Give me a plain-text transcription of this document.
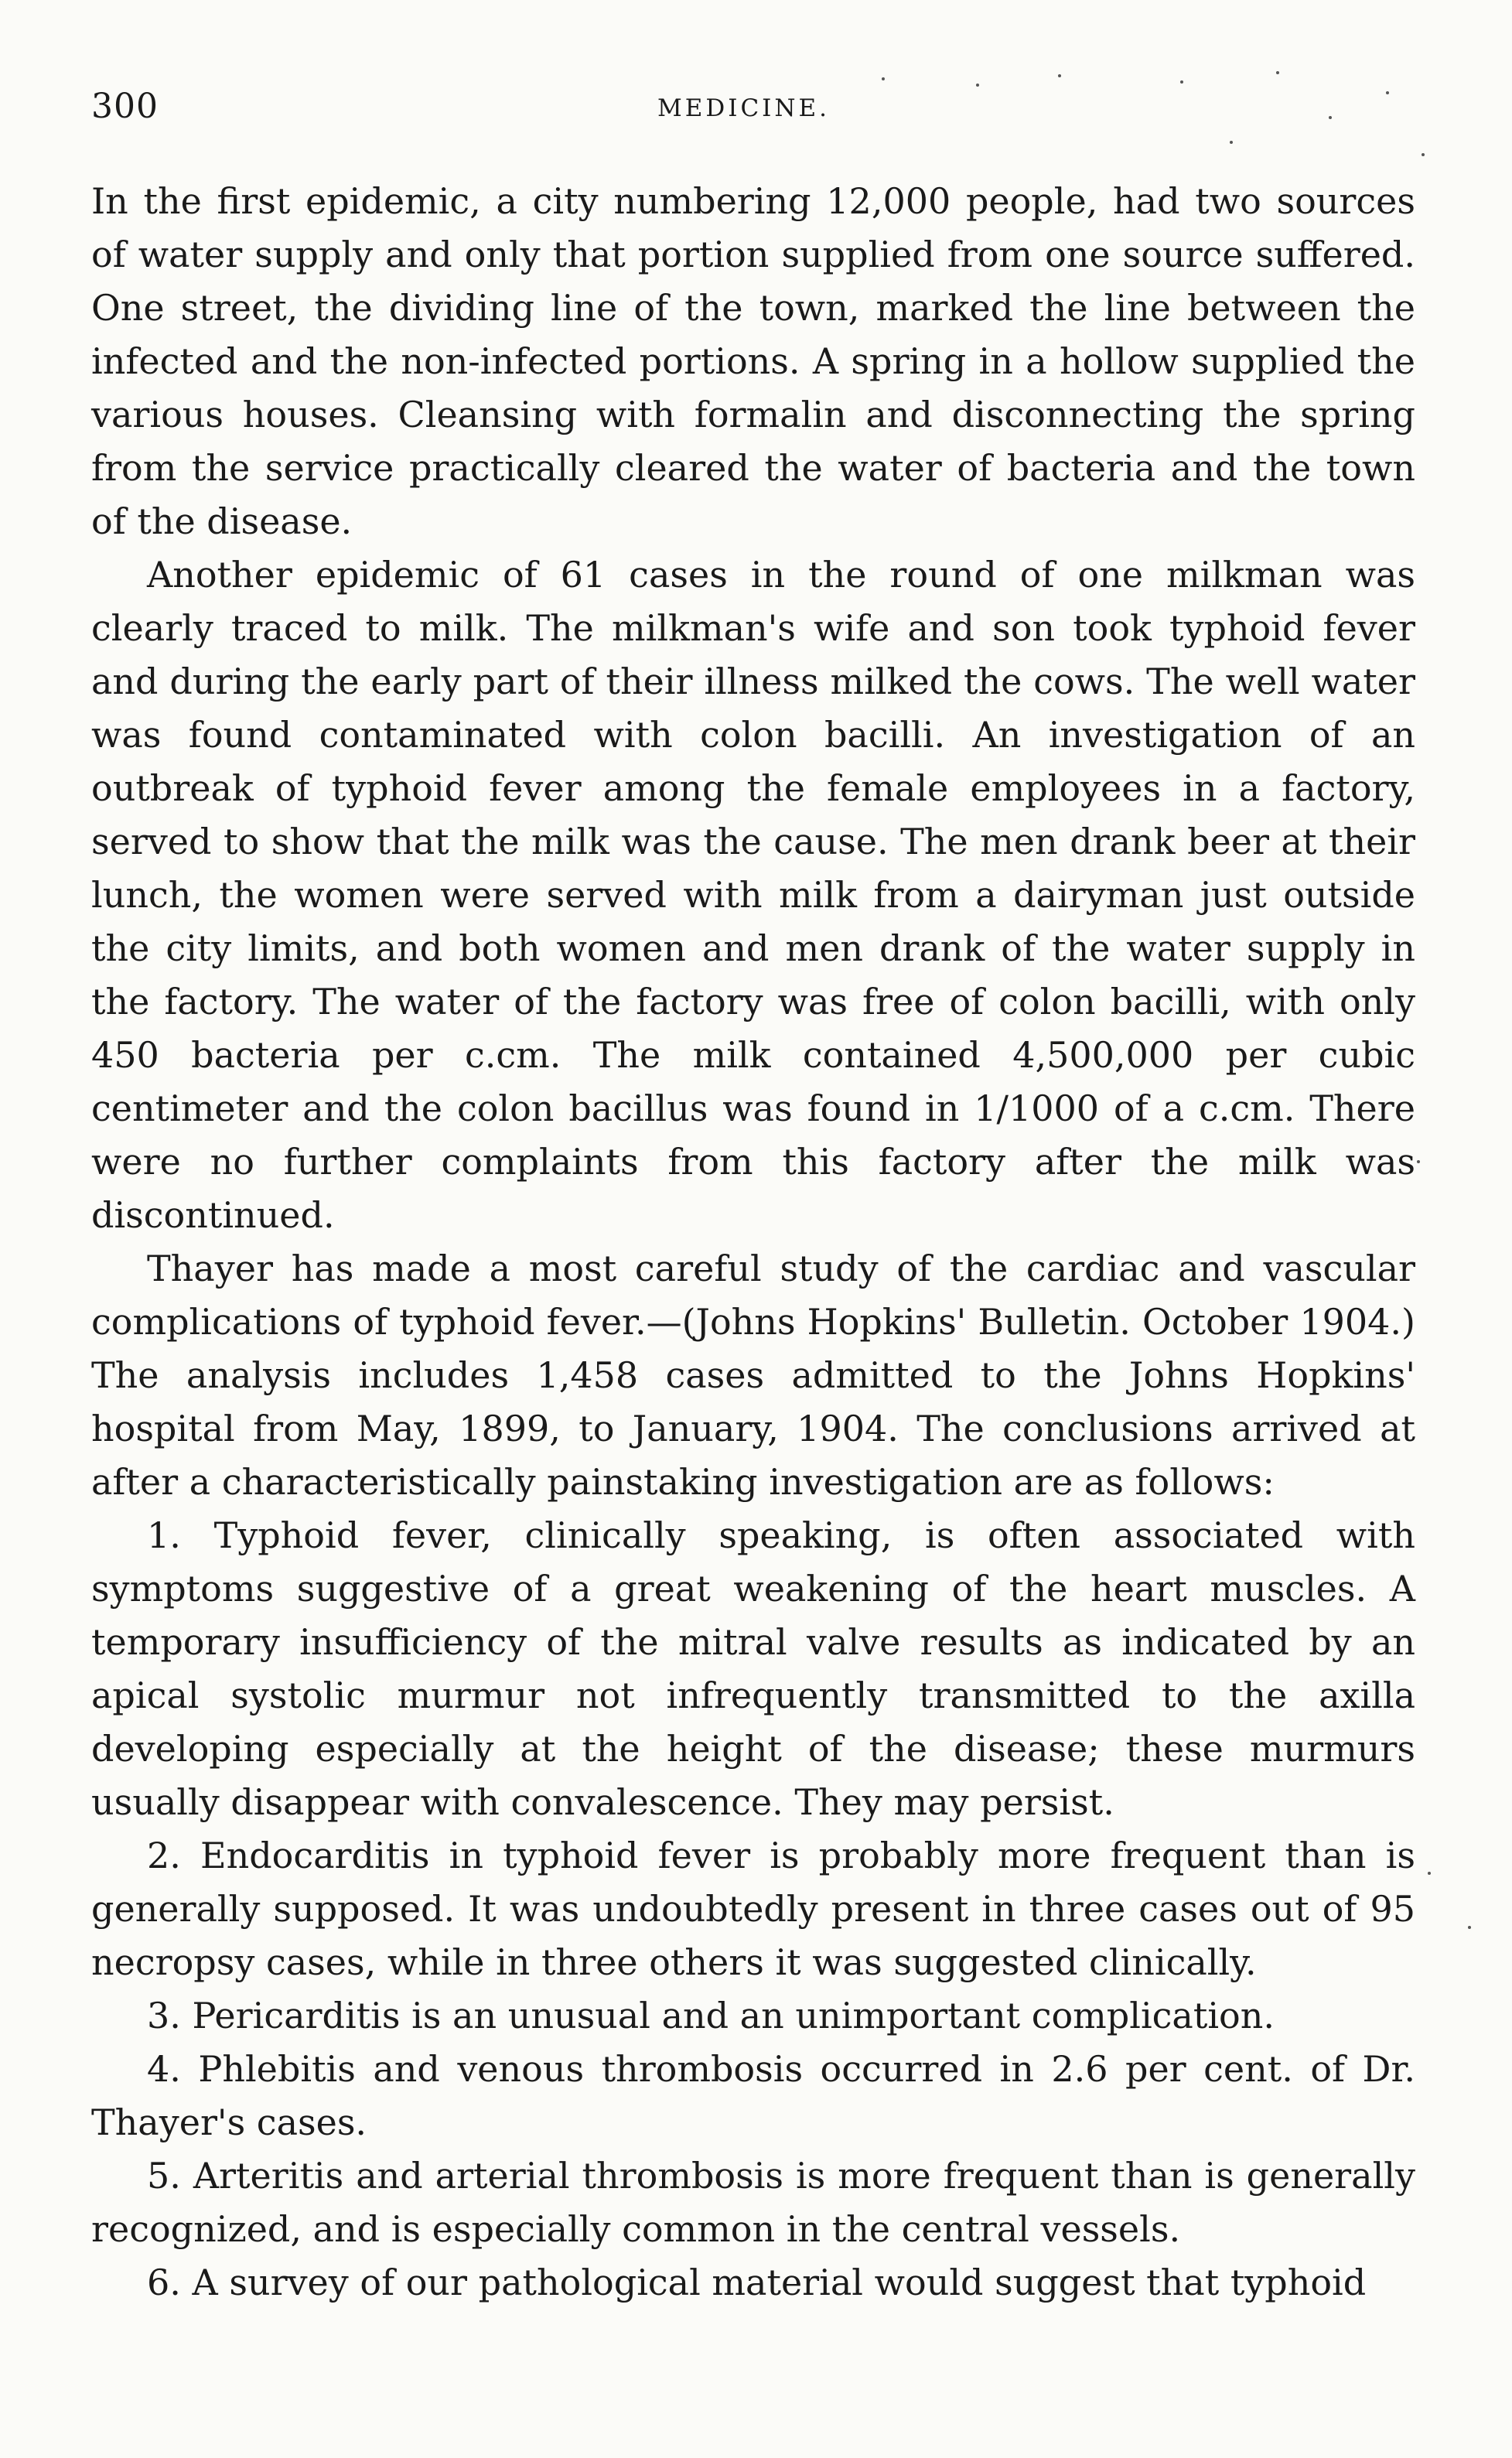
300	MEDICINE.

In the first epidemic, a city numbering 12,000 people, had two sources of water supply and only that portion supplied from one source suffered. One street, the dividing line of the town, marked the line between the infected and the non-infected portions. A spring in a hollow supplied the various houses. Cleansing with formalin and disconnecting the spring from the service practically cleared the water of bacteria and the town of the disease.

Another epidemic of 61 cases in the round of one milkman was clearly traced to milk. The milkman's wife and son took typhoid fever and during the early part of their illness milked the cows. The well water was found contaminated with colon bacilli. An investigation of an outbreak of typhoid fever among the female employees in a factory, served to show that the milk was the cause. The men drank beer at their lunch, the women were served with milk from a dairyman just outside the city limits, and both women and men drank of the water supply in the factory. The water of the factory was free of colon bacilli, with only 450 bacteria per c.cm. The milk contained 4,500,000 per cubic centimeter and the colon bacillus was found in 1/1000 of a c.cm. There were no further complaints from this factory after the milk was discontinued.

Thayer has made a most careful study of the cardiac and vascular complications of typhoid fever.—(Johns Hopkins' Bulletin. October 1904.) The analysis includes 1,458 cases admitted to the Johns Hopkins' hospital from May, 1899, to January, 1904. The conclusions arrived at after a characteristically painstaking investigation are as follows:

1. Typhoid fever, clinically speaking, is often associated with symptoms suggestive of a great weakening of the heart muscles. A temporary insufficiency of the mitral valve results as indicated by an apical systolic murmur not infrequently transmitted to the axilla developing especially at the height of the disease; these murmurs usually disappear with convalescence. They may persist.

2. Endocarditis in typhoid fever is probably more frequent than is generally supposed. It was undoubtedly present in three cases out of 95 necropsy cases, while in three others it was suggested clinically.

3. Pericarditis is an unusual and an unimportant complication.

4. Phlebitis and venous thrombosis occurred in 2.6 per cent. of Dr. Thayer's cases.

5. Arteritis and arterial thrombosis is more frequent than is generally recognized, and is especially common in the central vessels.

6. A survey of our pathological material would suggest that typhoid
